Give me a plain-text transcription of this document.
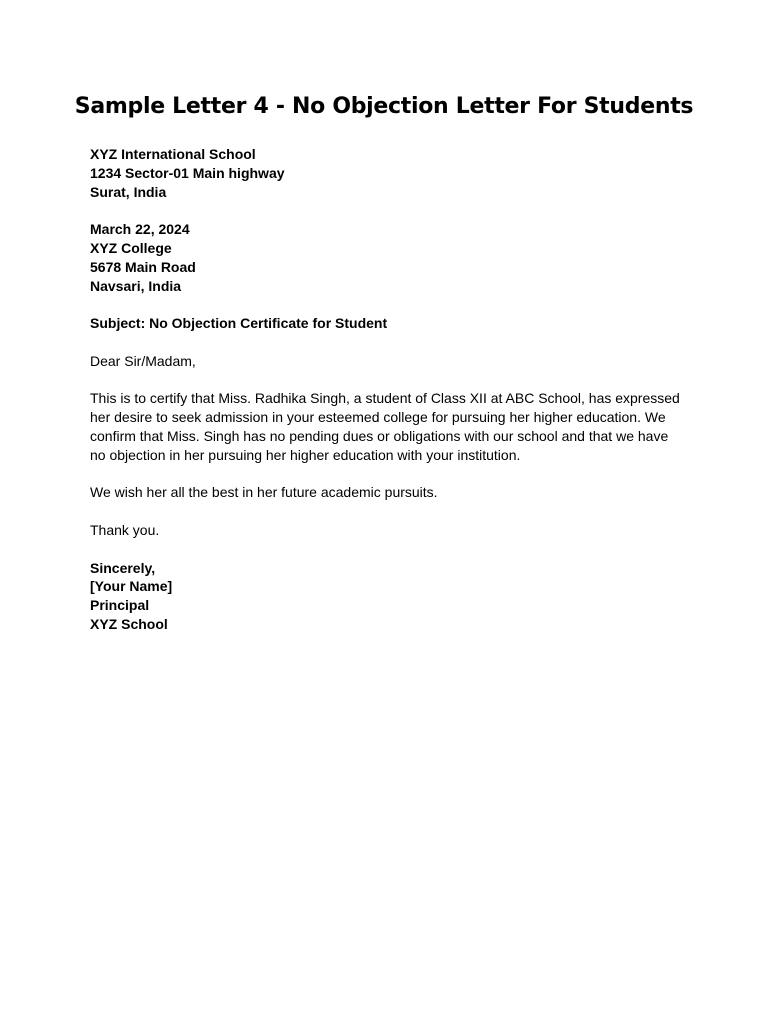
Sample Letter 4 - No Objection Letter For Students
XYZ International School
1234 Sector-01 Main highway
Surat, India
March 22, 2024
XYZ College
5678 Main Road
Navsari, India

Subject: No Objection Certificate for Student

Dear Sir/Madam,

This is to certify that Miss. Radhika Singh, a student of Class XII at ABC School, has expressed her desire to seek admission in your esteemed college for pursuing her higher education. We confirm that Miss. Singh has no pending dues or obligations with our school and that we have no objection in her pursuing her higher education with your institution.

We wish her all the best in her future academic pursuits.

Thank you.

Sincerely,
[Your Name]
Principal
XYZ School
